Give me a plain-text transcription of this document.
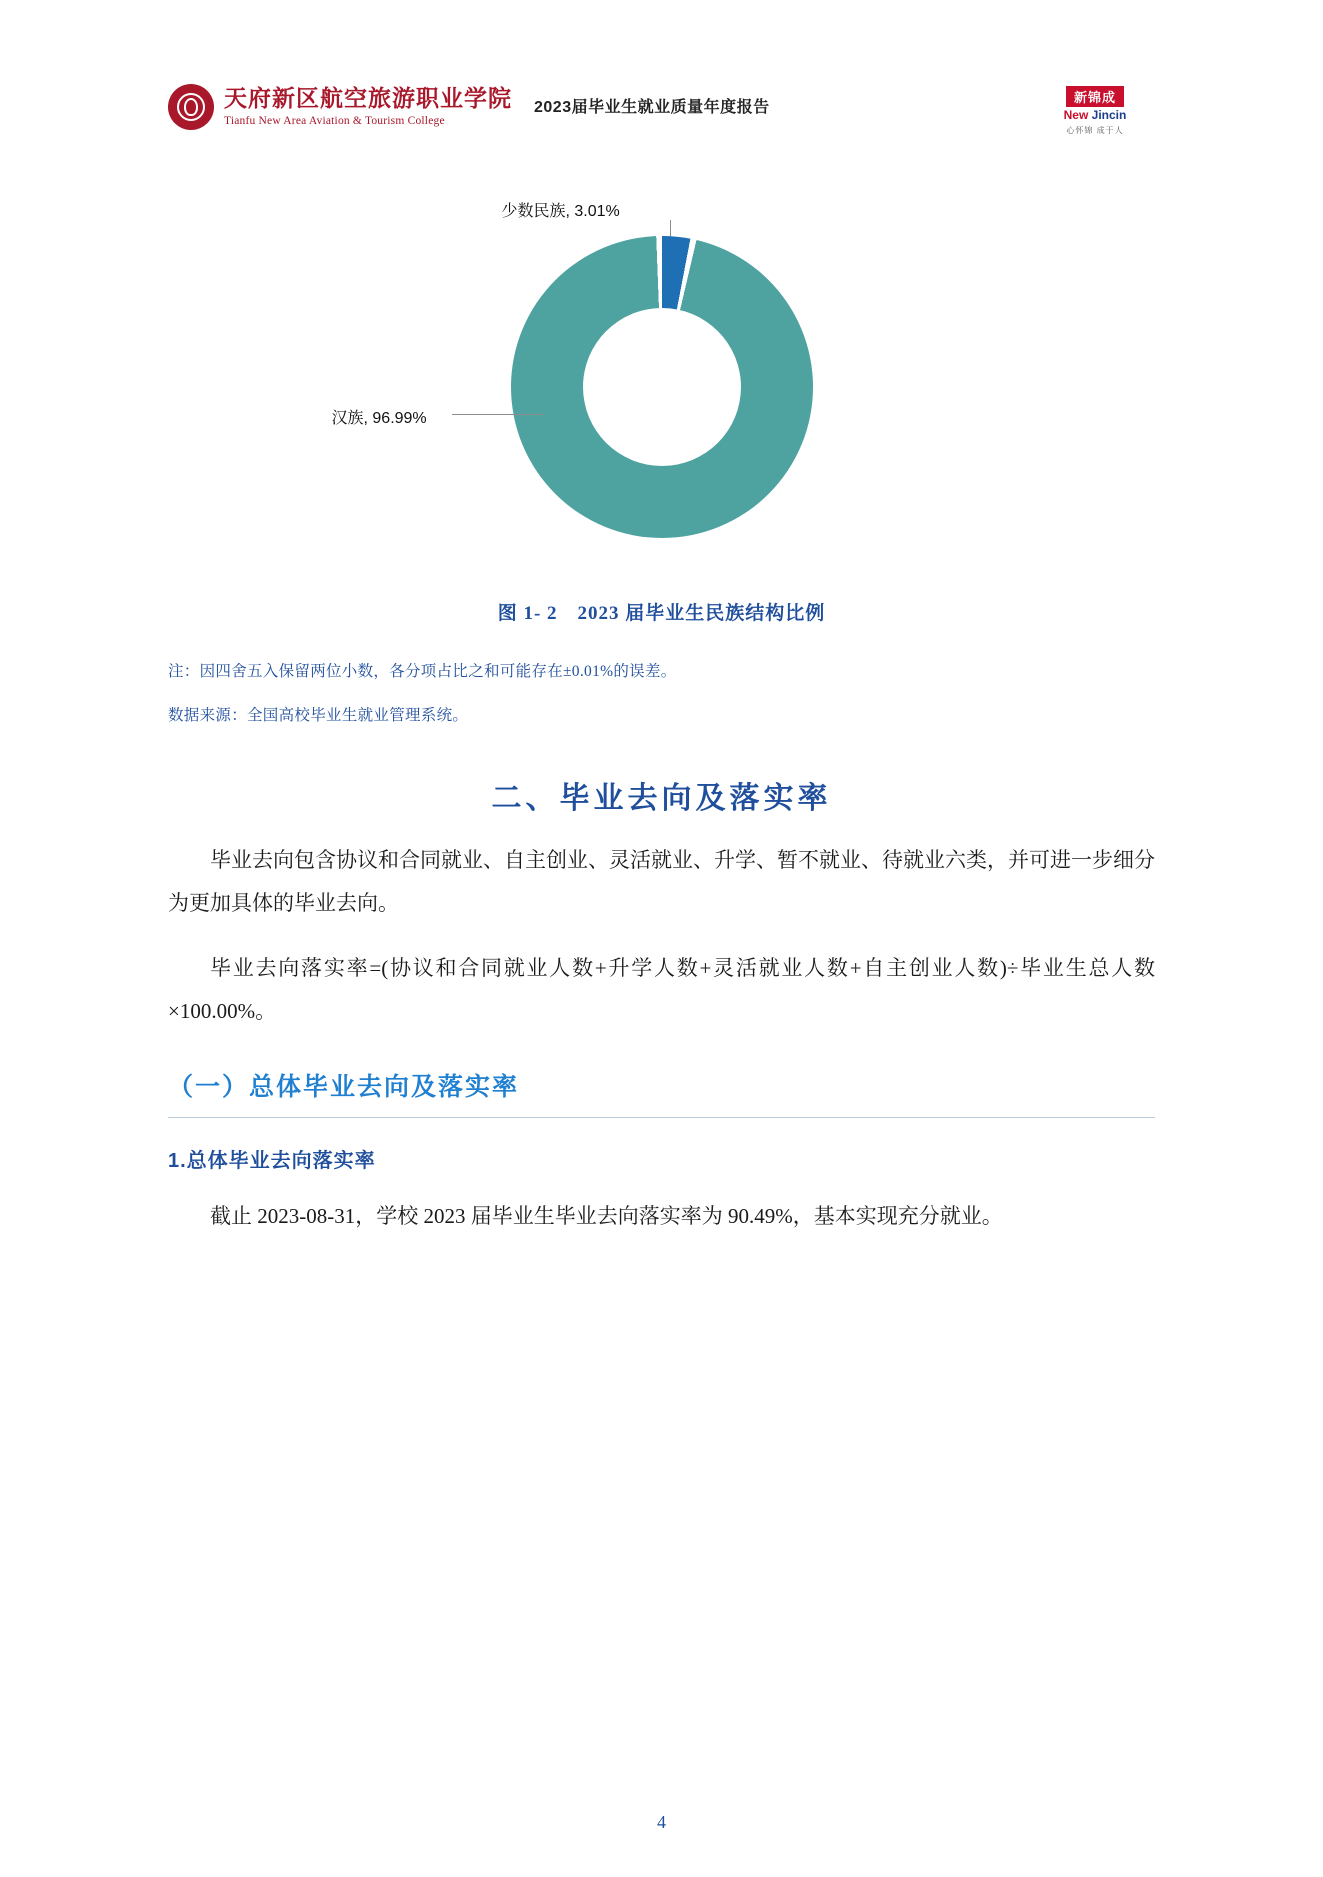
天府新区航空旅游职业学院
Tianfu New Area Aviation & Tourism College
2023届毕业生就业质量年度报告
新锦成
New Jincin
心怀锦 成于人
少数民族, 3.01%
汉族, 96.99%
图 1- 2　2023 届毕业生民族结构比例
注：因四舍五入保留两位小数，各分项占比之和可能存在±0.01%的误差。
数据来源：全国高校毕业生就业管理系统。
二、毕业去向及落实率

毕业去向包含协议和合同就业、自主创业、灵活就业、升学、暂不就业、待就业六类，并可进一步细分为更加具体的毕业去向。

毕业去向落实率=(协议和合同就业人数+升学人数+灵活就业人数+自主创业人数)÷毕业生总人数×100.00%。

（一）总体毕业去向及落实率
1.总体毕业去向落实率

截止 2023-08-31，学校 2023 届毕业生毕业去向落实率为 90.49%，基本实现充分就业。

4
